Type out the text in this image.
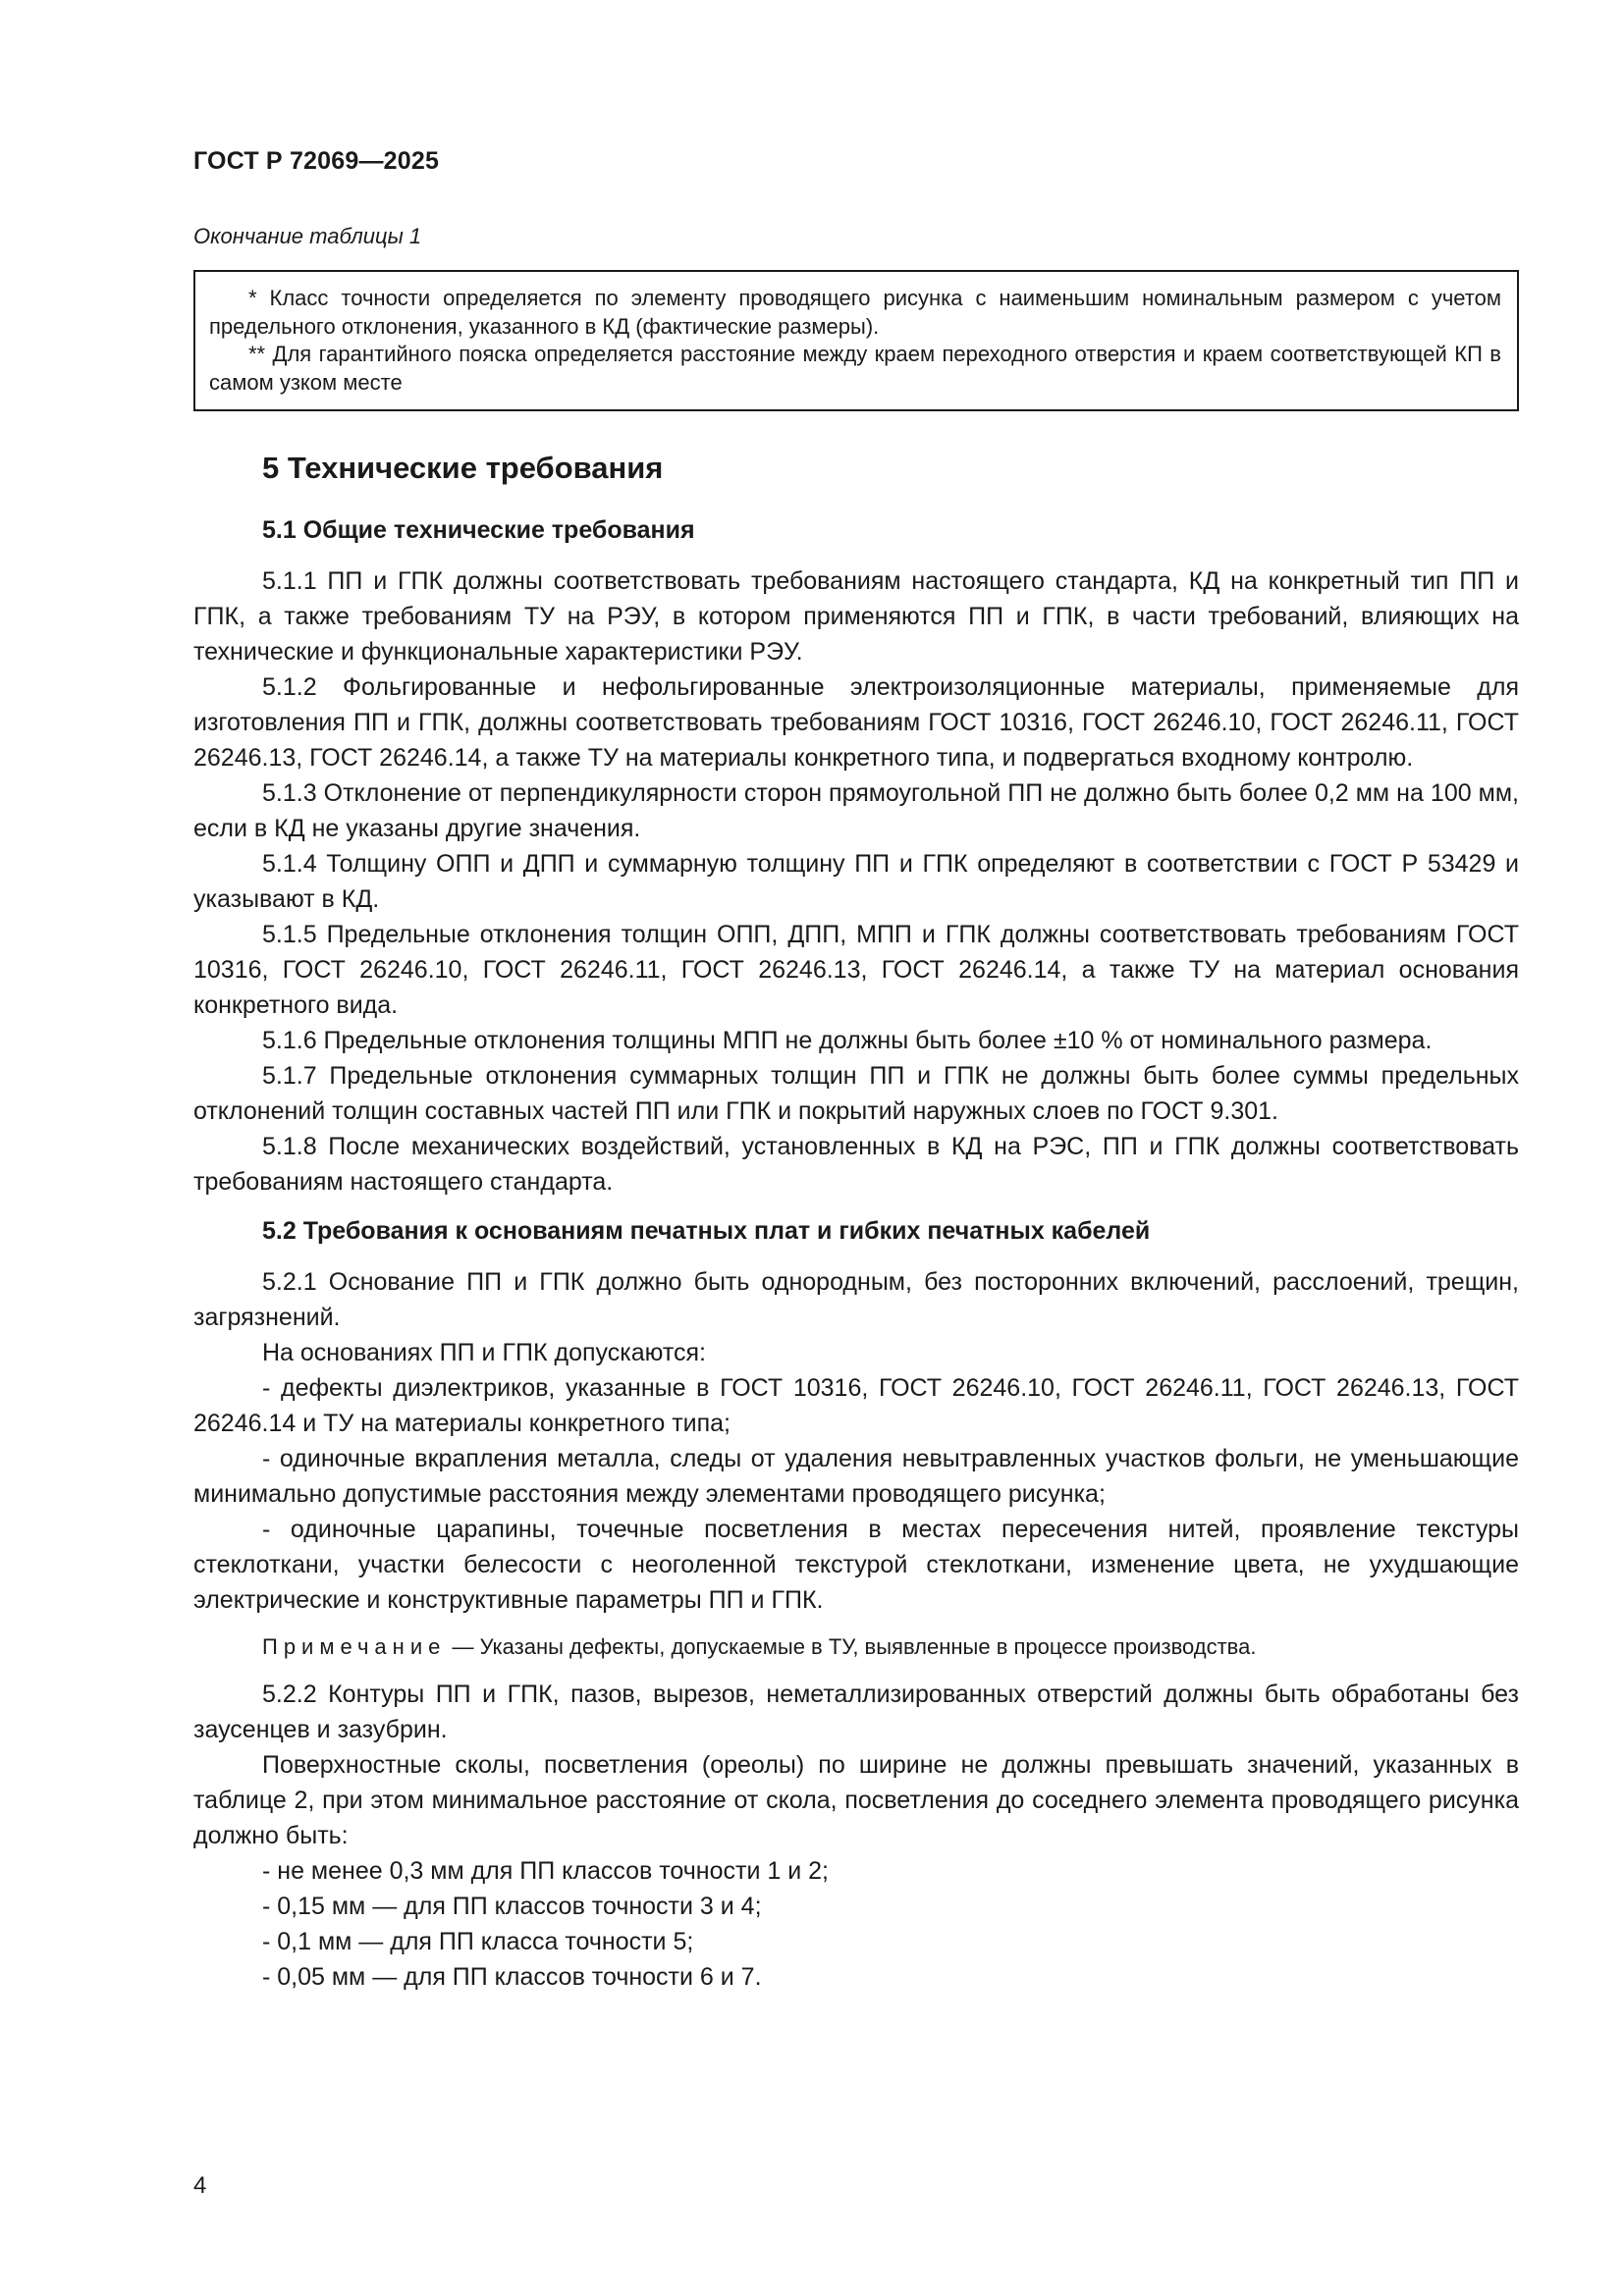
ГОСТ Р 72069—2025
Окончание таблицы 1

* Класс точности определяется по элементу проводящего рисунка с наименьшим номинальным размером с учетом предельного отклонения, указанного в КД (фактические размеры).

** Для гарантийного пояска определяется расстояние между краем переходного отверстия и краем соответствующей КП в самом узком месте

5 Технические требования
5.1 Общие технические требования

5.1.1 ПП и ГПК должны соответствовать требованиям настоящего стандарта, КД на конкретный тип ПП и ГПК, а также требованиям ТУ на РЭУ, в котором применяются ПП и ГПК, в части требований, влияющих на технические и функциональные характеристики РЭУ.

5.1.2 Фольгированные и нефольгированные электроизоляционные материалы, применяемые для изготовления ПП и ГПК, должны соответствовать требованиям ГОСТ 10316, ГОСТ 26246.10, ГОСТ 26246.11, ГОСТ 26246.13, ГОСТ 26246.14, а также ТУ на материалы конкретного типа, и подвергаться входному контролю.

5.1.3 Отклонение от перпендикулярности сторон прямоугольной ПП не должно быть более 0,2 мм на 100 мм, если в КД не указаны другие значения.

5.1.4 Толщину ОПП и ДПП и суммарную толщину ПП и ГПК определяют в соответствии с ГОСТ Р 53429 и указывают в КД.

5.1.5 Предельные отклонения толщин ОПП, ДПП, МПП и ГПК должны соответствовать требованиям ГОСТ 10316, ГОСТ 26246.10, ГОСТ 26246.11, ГОСТ 26246.13, ГОСТ 26246.14, а также ТУ на материал основания конкретного вида.

5.1.6 Предельные отклонения толщины МПП не должны быть более ±10 % от номинального размера.

5.1.7 Предельные отклонения суммарных толщин ПП и ГПК не должны быть более суммы предельных отклонений толщин составных частей ПП или ГПК и покрытий наружных слоев по ГОСТ 9.301.

5.1.8 После механических воздействий, установленных в КД на РЭС, ПП и ГПК должны соответствовать требованиям настоящего стандарта.

5.2 Требования к основаниям печатных плат и гибких печатных кабелей

5.2.1 Основание ПП и ГПК должно быть однородным, без посторонних включений, расслоений, трещин, загрязнений.

На основаниях ПП и ГПК допускаются:

- дефекты диэлектриков, указанные в ГОСТ 10316, ГОСТ 26246.10, ГОСТ 26246.11, ГОСТ 26246.13, ГОСТ 26246.14 и ТУ на материалы конкретного типа;

- одиночные вкрапления металла, следы от удаления невытравленных участков фольги, не уменьшающие минимально допустимые расстояния между элементами проводящего рисунка;

- одиночные царапины, точечные посветления в местах пересечения нитей, проявление текстуры стеклоткани, участки белесости с неоголенной текстурой стеклоткани, изменение цвета, не ухудшающие электрические и конструктивные параметры ПП и ГПК.

Примечание — Указаны дефекты, допускаемые в ТУ, выявленные в процессе производства.

5.2.2 Контуры ПП и ГПК, пазов, вырезов, неметаллизированных отверстий должны быть обработаны без заусенцев и зазубрин.

Поверхностные сколы, посветления (ореолы) по ширине не должны превышать значений, указанных в таблице 2, при этом минимальное расстояние от скола, посветления до соседнего элемента проводящего рисунка должно быть:

- не менее 0,3 мм для ПП классов точности 1 и 2;

- 0,15 мм — для ПП классов точности 3 и 4;

- 0,1 мм — для ПП класса точности 5;

- 0,05 мм — для ПП классов точности 6 и 7.

4
